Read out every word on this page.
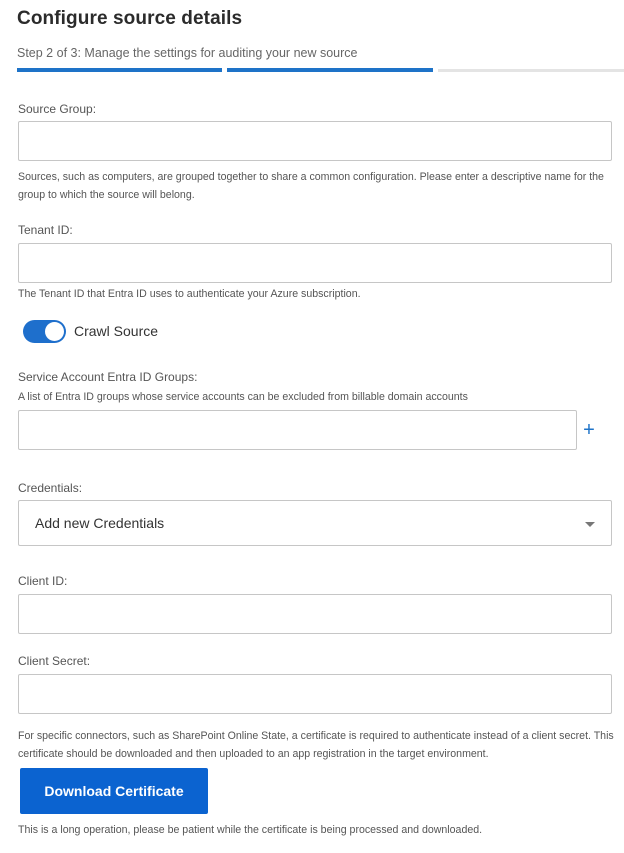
Configure source details
Step 2 of 3: Manage the settings for auditing your new source
Source Group:
Sources, such as computers, are grouped together to share a common configuration. Please enter a descriptive name for the group to which the source will belong.
Tenant ID:
The Tenant ID that Entra ID uses to authenticate your Azure subscription.
Crawl Source
Service Account Entra ID Groups:
A list of Entra ID groups whose service accounts can be excluded from billable domain accounts
+
Credentials:
Add new Credentials
Client ID:
Client Secret:
For specific connectors, such as SharePoint Online State, a certificate is required to authenticate instead of a client secret. This certificate should be downloaded and then uploaded to an app registration in the target environment.
Download Certificate
This is a long operation, please be patient while the certificate is being processed and downloaded.
